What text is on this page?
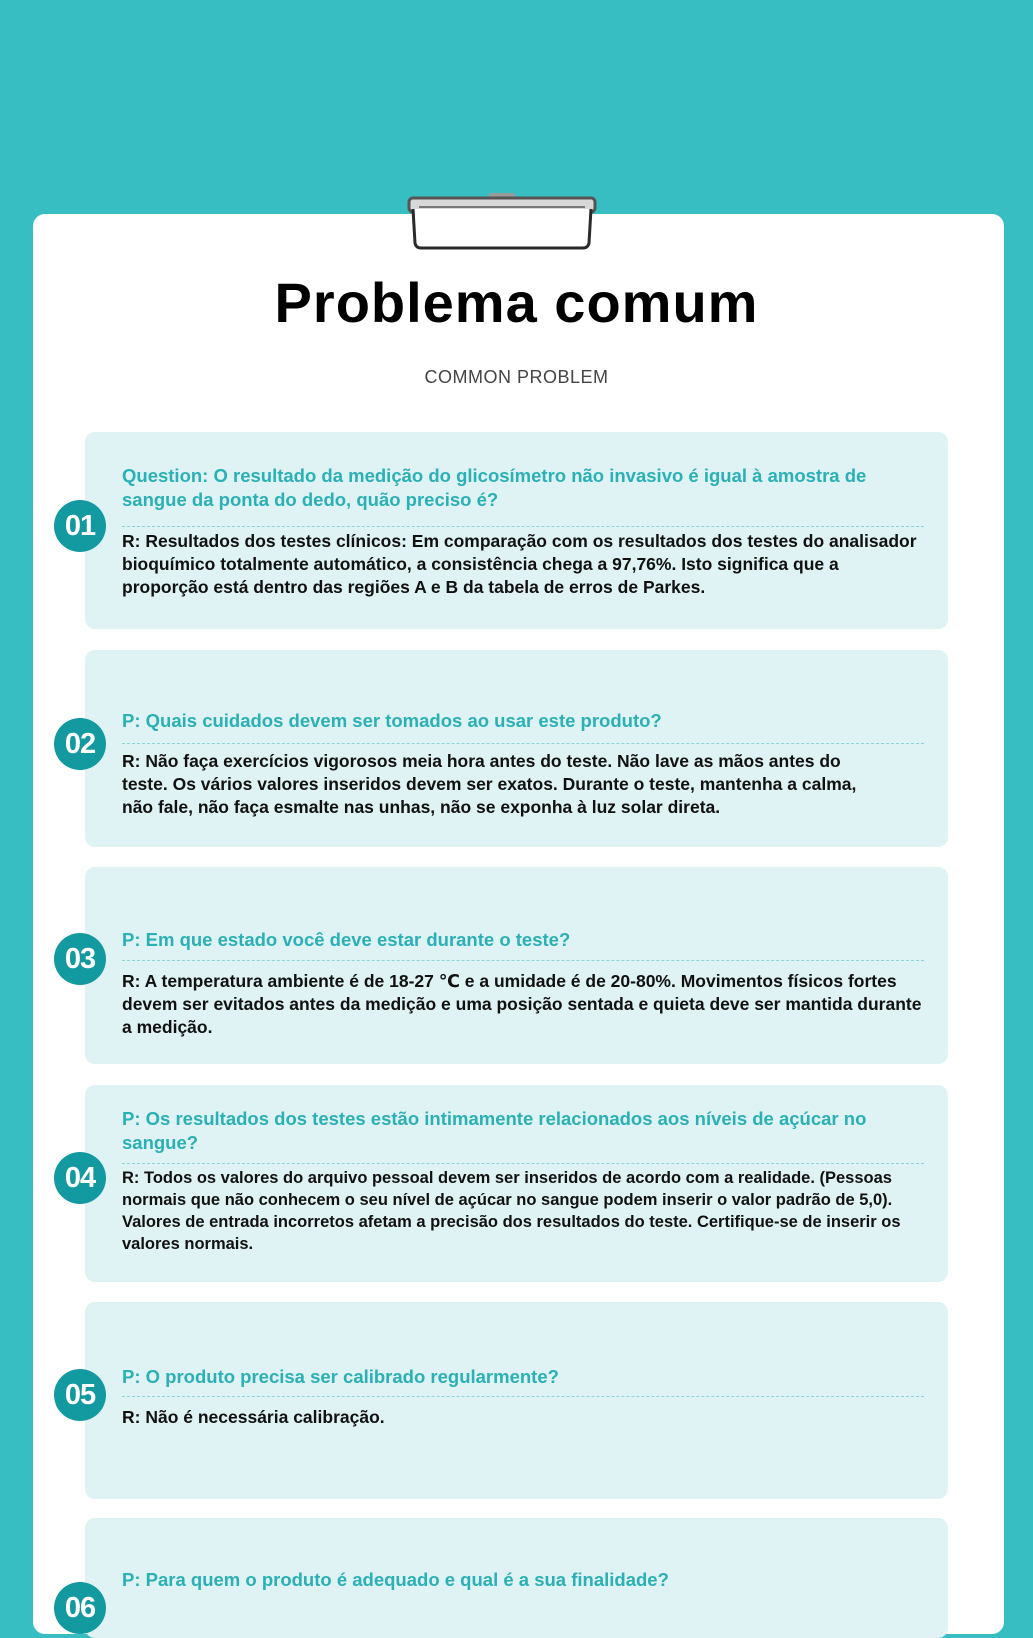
Problema comum
COMMON PROBLEM
01
Question: O resultado da medição do glicosímetro não invasivo é igual à amostra de sangue da ponta do dedo, quão preciso é?
R: Resultados dos testes clínicos: Em comparação com os resultados dos testes do analisador bioquímico totalmente automático, a consistência chega a 97,76%. Isto significa que a proporção está dentro das regiões A e B da tabela de erros de Parkes.
02
P: Quais cuidados devem ser tomados ao usar este produto?
R: Não faça exercícios vigorosos meia hora antes do teste. Não lave as mãos antes do teste. Os vários valores inseridos devem ser exatos. Durante o teste, mantenha a calma, não fale, não faça esmalte nas unhas, não se exponha à luz solar direta.
03
P: Em que estado você deve estar durante o teste?
R: A temperatura ambiente é de 18-27 ℃ e a umidade é de 20-80%. Movimentos físicos fortes devem ser evitados antes da medição e uma posição sentada e quieta deve ser mantida durante a medição.
04
P: Os resultados dos testes estão intimamente relacionados aos níveis de açúcar no sangue?
R: Todos os valores do arquivo pessoal devem ser inseridos de acordo com a realidade. (Pessoas normais que não conhecem o seu nível de açúcar no sangue podem inserir o valor padrão de 5,0). Valores de entrada incorretos afetam a precisão dos resultados do teste. Certifique-se de inserir os valores normais.
05
P: O produto precisa ser calibrado regularmente?
R: Não é necessária calibração.
06
P: Para quem o produto é adequado e qual é a sua finalidade?
